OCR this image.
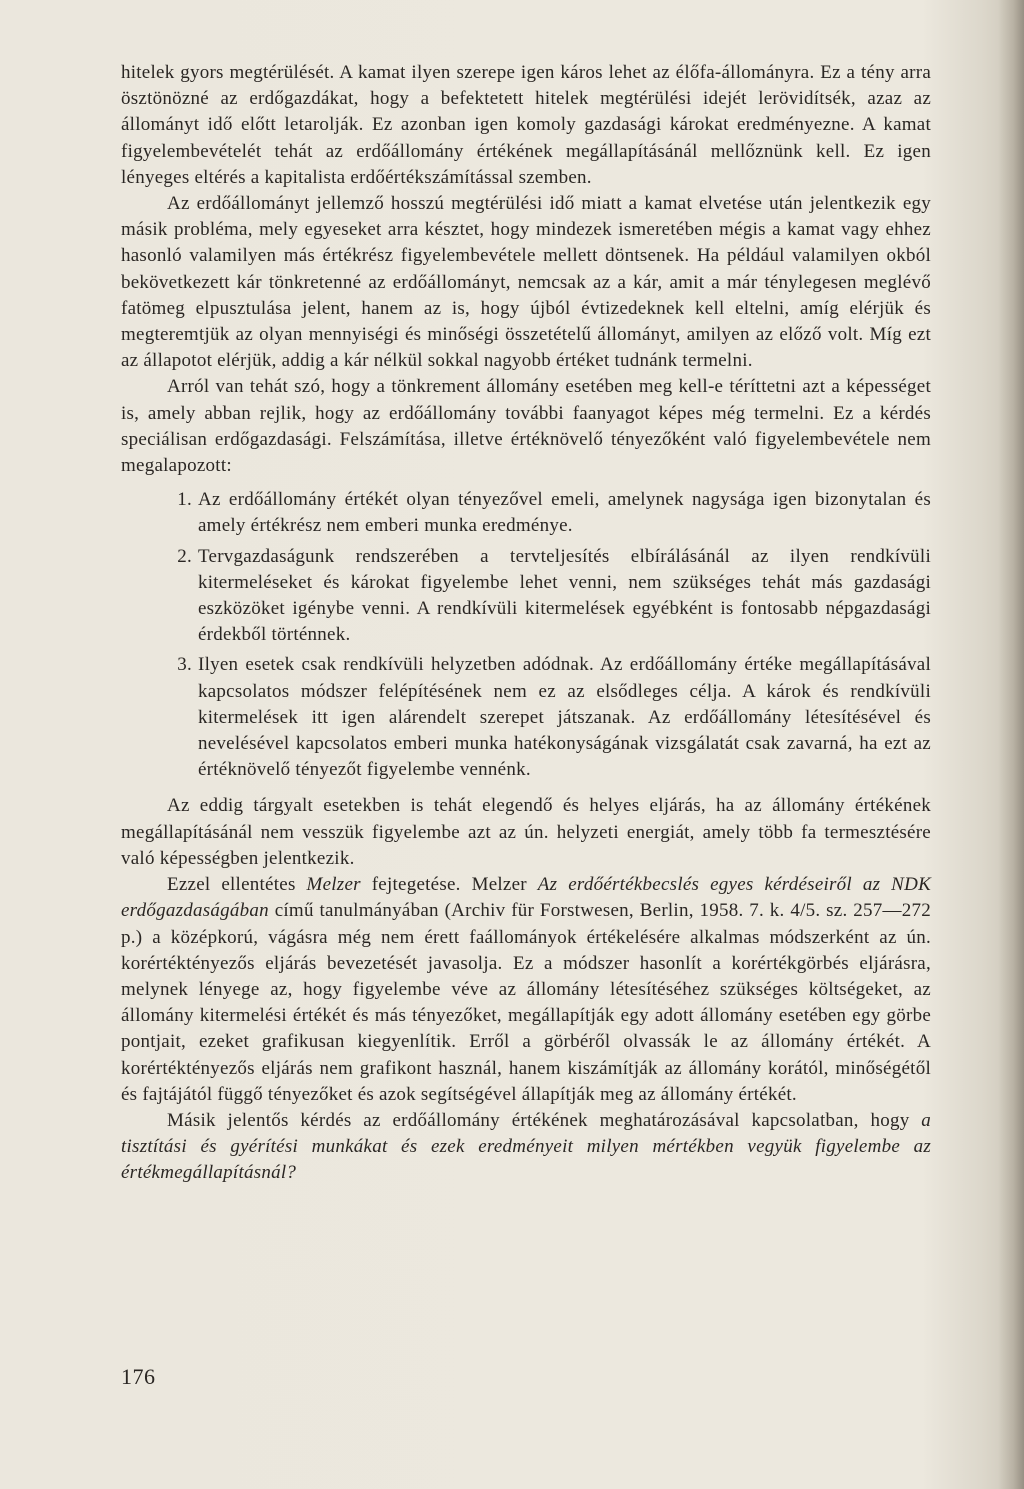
hitelek gyors megtérülését. A kamat ilyen szerepe igen káros lehet az élőfa-állományra. Ez a tény arra ösztönözné az erdőgazdákat, hogy a befektetett hitelek megtérülési idejét lerövidítsék, azaz az állományt idő előtt letarolják. Ez azonban igen komoly gazdasági károkat eredményezne. A kamat figyelembevételét tehát az erdőállomány értékének megállapításánál mellőznünk kell. Ez igen lényeges eltérés a kapitalista erdőértékszámítással szemben.

Az erdőállományt jellemző hosszú megtérülési idő miatt a kamat elvetése után jelentkezik egy másik probléma, mely egyeseket arra késztet, hogy mindezek ismeretében mégis a kamat vagy ehhez hasonló valamilyen más értékrész figyelembevétele mellett döntsenek. Ha például valamilyen okból bekövetkezett kár tönkretenné az erdőállományt, nemcsak az a kár, amit a már ténylegesen meglévő fatömeg elpusztulása jelent, hanem az is, hogy újból évtizedeknek kell eltelni, amíg elérjük és megteremtjük az olyan mennyiségi és minőségi összetételű állományt, amilyen az előző volt. Míg ezt az állapotot elérjük, addig a kár nélkül sokkal nagyobb értéket tudnánk termelni.

Arról van tehát szó, hogy a tönkrement állomány esetében meg kell-e téríttetni azt a képességet is, amely abban rejlik, hogy az erdőállomány további faanyagot képes még termelni. Ez a kérdés speciálisan erdőgazdasági. Felszámítása, illetve értéknövelő tényezőként való figyelembevétele nem megalapozott:

1. Az erdőállomány értékét olyan tényezővel emeli, amelynek nagysága igen bizonytalan és amely értékrész nem emberi munka eredménye.
2. Tervgazdaságunk rendszerében a tervteljesítés elbírálásánál az ilyen rendkívüli kitermeléseket és károkat figyelembe lehet venni, nem szükséges tehát más gazdasági eszközöket igénybe venni. A rendkívüli kitermelések egyébként is fontosabb népgazdasági érdekből történnek.
3. Ilyen esetek csak rendkívüli helyzetben adódnak. Az erdőállomány értéke megállapításával kapcsolatos módszer felépítésének nem ez az elsődleges célja. A károk és rendkívüli kitermelések itt igen alárendelt szerepet játszanak. Az erdőállomány létesítésével és nevelésével kapcsolatos emberi munka hatékonyságának vizsgálatát csak zavarná, ha ezt az értéknövelő tényezőt figyelembe vennénk.

Az eddig tárgyalt esetekben is tehát elegendő és helyes eljárás, ha az állomány értékének megállapításánál nem vesszük figyelembe azt az ún. helyzeti energiát, amely több fa termesztésére való képességben jelentkezik.

Ezzel ellentétes Melzer fejtegetése. Melzer Az erdőértékbecslés egyes kérdéseiről az NDK erdőgazdaságában című tanulmányában (Archiv für Forstwesen, Berlin, 1958. 7. k. 4/5. sz. 257—272 p.) a középkorú, vágásra még nem érett faállományok értékelésére alkalmas módszerként az ún. korértéktényezős eljárás bevezetését javasolja. Ez a módszer hasonlít a korértékgörbés eljárásra, melynek lényege az, hogy figyelembe véve az állomány létesítéséhez szükséges költségeket, az állomány kitermelési értékét és más tényezőket, megállapítják egy adott állomány esetében egy görbe pontjait, ezeket grafikusan kiegyenlítik. Erről a görbéről olvassák le az állomány értékét. A korértéktényezős eljárás nem grafikont használ, hanem kiszámítják az állomány korától, minőségétől és fajtájától függő tényezőket és azok segítségével állapítják meg az állomány értékét.

Másik jelentős kérdés az erdőállomány értékének meghatározásával kapcsolatban, hogy a tisztítási és gyérítési munkákat és ezek eredményeit milyen mértékben vegyük figyelembe az értékmegállapításnál?

176
